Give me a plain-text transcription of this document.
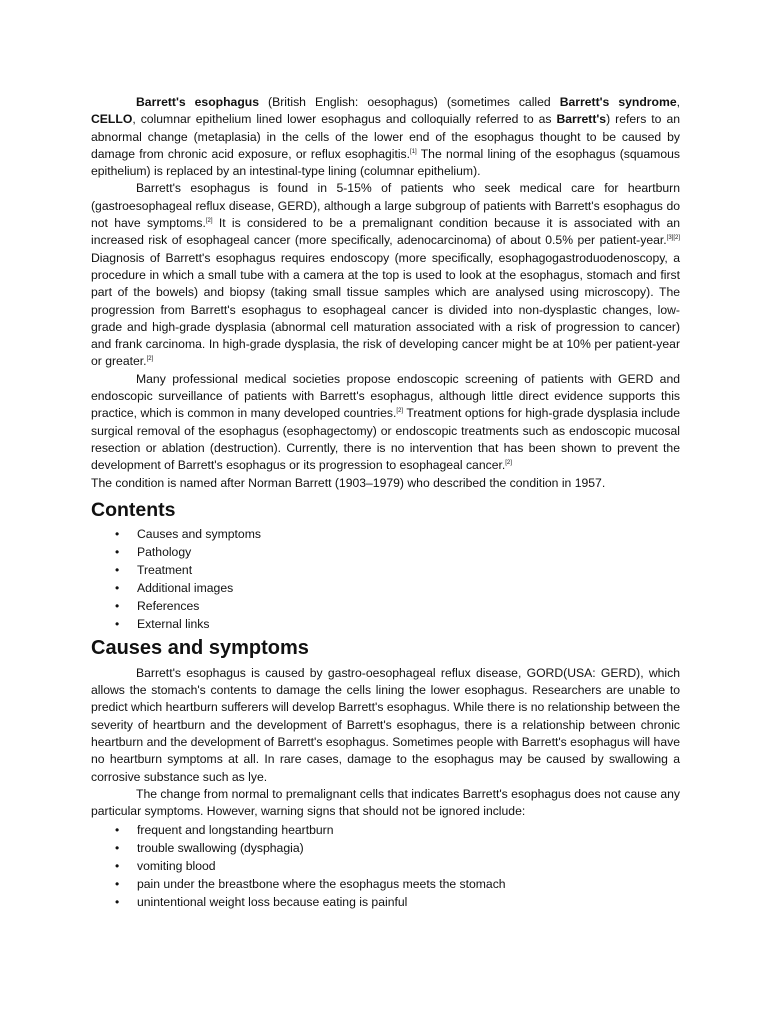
Barrett's esophagus (British English: oesophagus) (sometimes called Barrett's syndrome, CELLO, columnar epithelium lined lower esophagus and colloquially referred to as Barrett's) refers to an abnormal change (metaplasia) in the cells of the lower end of the esophagus thought to be caused by damage from chronic acid exposure, or reflux esophagitis.[1] The normal lining of the esophagus (squamous epithelium) is replaced by an intestinal-type lining (columnar epithelium).

Barrett's esophagus is found in 5-15% of patients who seek medical care for heartburn (gastroesophageal reflux disease, GERD), although a large subgroup of patients with Barrett's esophagus do not have symptoms.[2] It is considered to be a premalignant condition because it is associated with an increased risk of esophageal cancer (more specifically, adenocarcinoma) of about 0.5% per patient-year.[3][2] Diagnosis of Barrett's esophagus requires endoscopy (more specifically, esophagogastroduodenoscopy, a procedure in which a small tube with a camera at the top is used to look at the esophagus, stomach and first part of the bowels) and biopsy (taking small tissue samples which are analysed using microscopy). The progression from Barrett's esophagus to esophageal cancer is divided into non-dysplastic changes, low-grade and high-grade dysplasia (abnormal cell maturation associated with a risk of progression to cancer) and frank carcinoma. In high-grade dysplasia, the risk of developing cancer might be at 10% per patient-year or greater.[2]

Many professional medical societies propose endoscopic screening of patients with GERD and endoscopic surveillance of patients with Barrett's esophagus, although little direct evidence supports this practice, which is common in many developed countries.[2] Treatment options for high-grade dysplasia include surgical removal of the esophagus (esophagectomy) or endoscopic treatments such as endoscopic mucosal resection or ablation (destruction). Currently, there is no intervention that has been shown to prevent the development of Barrett's esophagus or its progression to esophageal cancer.[2]

The condition is named after Norman Barrett (1903–1979) who described the condition in 1957.

Contents
• Causes and symptoms
• Pathology
• Treatment
• Additional images
• References
• External links
Causes and symptoms

Barrett's esophagus is caused by gastro-oesophageal reflux disease, GORD(USA: GERD), which allows the stomach's contents to damage the cells lining the lower esophagus. Researchers are unable to predict which heartburn sufferers will develop Barrett's esophagus. While there is no relationship between the severity of heartburn and the development of Barrett's esophagus, there is a relationship between chronic heartburn and the development of Barrett's esophagus. Sometimes people with Barrett's esophagus will have no heartburn symptoms at all. In rare cases, damage to the esophagus may be caused by swallowing a corrosive substance such as lye.

The change from normal to premalignant cells that indicates Barrett's esophagus does not cause any particular symptoms. However, warning signs that should not be ignored include:

• frequent and longstanding heartburn
• trouble swallowing (dysphagia)
• vomiting blood
• pain under the breastbone where the esophagus meets the stomach
• unintentional weight loss because eating is painful
